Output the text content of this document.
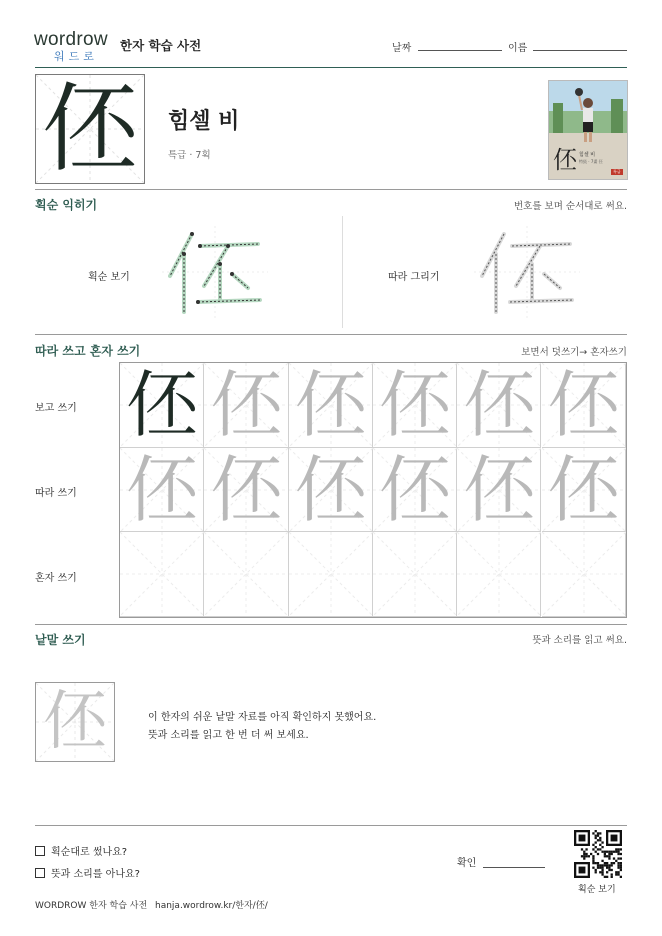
wordrow
워드로
한자 학습 사전	날짜	이름
伾 힘셀 비
특급 · 7획	伾 힘셀 비
特級 · 7畫 伾
특급
획순 익히기	번호를 보며 순서대로 써요.
획순 보기	따라 그리기
따라 쓰고 혼자 쓰기	보면서 덧쓰기→ 혼자쓰기
보고 쓰기
따라 쓰기
혼자 쓰기
伾 伾 伾 伾 伾 伾
伾 伾 伾 伾 伾 伾
낱말 쓰기	뜻과 소리를 읽고 써요.
伾	이 한자의 쉬운 낱말 자료를 아직 확인하지 못했어요.
뜻과 소리를 읽고 한 번 더 써 보세요.
획순대로 썼나요?
뜻과 소리를 아나요?
확인
획순 보기
WORDROW 한자 학습 사전 hanja.wordrow.kr/한자/伾/
